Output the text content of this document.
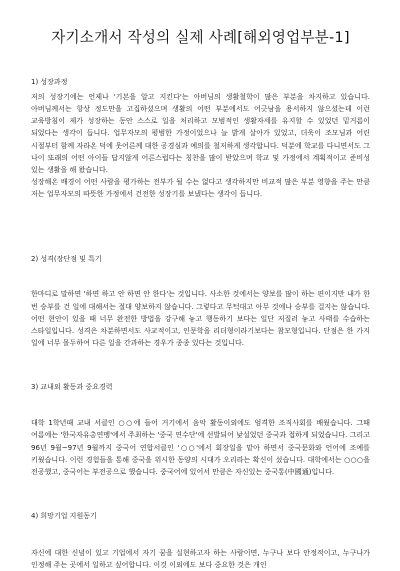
자기소개서 작성의 실제 사례[해외영업부분-1]

1) 성장과정

저의 성장기에는 언제나 '기본을 알고 지킨다'는 아버님의 생활철학이 많은 부분을 차지하고 있습니다. 아버님께서는 항상 정도만을 고집하셨으며 생활의 어떤 부분에서도 어긋남을 용서하지 않으셨는데 이런 교육방침이 제가 성장하는 동안 스스로 일을 처리하고 모범적인 생활자세를 유지할 수 있었던 밑거름이 되었다는 생각이 듭니다. 업무자모의 평범한 가정이었으나 늘 밝게 살아가 있었고, 더욱이 조모님과 어린 시절부터 함께 자라온 덕에 웃어른께 대한 공경심과 예의를 철저하게 생각합니다. 덕분에 학교를 다니면서도 그 나이 또래의 어떤 아이들 답지않게 어른스럽다는 칭찬을 많이 받았으며 학교 및 가정에서 계획적이고 준비성 있는 생활을 해 왔습니다.

성장해온 배경이 어떤 사람을 평가하는 전부가 될 수는 없다고 생각하지만 비교적 많은 부분 영향을 주는 만큼 저는 업무자모의 따뜻한 가정에서 건전한 성장기를 보냈다는 생각이 듭니다.

2) 성격(장단점 및 특기

한마디로 말하면 '하면 하고 안 하면 안 한다'는 것입니다. 사소한 것에서는 양보를 많이 하는 편이지만 내가 한 번 승부를 건 일에 대해서는 절대 양보하지 않습니다. 그렇다고 무턱대고 아무 것에나 승부를 걸지는 않습니다. 어떤 현안이 있을 때 너무 완전한 방법을 강구해 놓고 행동하기 보다는 일단 저질러 놓고 사태를 수습하는 스타일입니다. 성격은 차분하면서도 사교적이고, 인문학을 리더형이라기보다는 참모형입니다. 단점은 한 가지 일에 너무 몰두하여 다른 일을 간과하는 경우가 종종 있다는 것입니다.

3) 교내외 활동과 중요경력

대학 1학년때 교내 서클인 ○○에 들어 거기에서 음악 활동이외에도 엄격한 조직사회를 배웠습니다. 그때 여름에는 '한국자유총연맹'에서 주최하는 '중국 연수단'에 선발되어 낯설었던 중국과 접하게 되었습니다. 그리고 96년 9월~97년 9월까지 중국어 연합서클인 '○○'에서 회장일을 맡아 하면서 중국문화와 언어에 조예를 키웠습니다. 이런 경험들을 통해 중국을 위시한 동양의 시대가 오리라는 확신이 섰습니다. 대학에서는 ○○○을 전공했고, 중국어는 부전공으로 했습니다. 중국어에 있어서 만큼은 자신있는 중국통(中國通)입니다.

4) 희망기업 지원동기

자신에 대한 신념이 있고 기업에서 자기 꿈을 실현하고자 하는 사람이면, 누구나 보다 안정적이고, 누구나가 인정해 주는 곳에서 일하고 싶어합니다. 이것 이외에도 보다 중요한 것은 개인
